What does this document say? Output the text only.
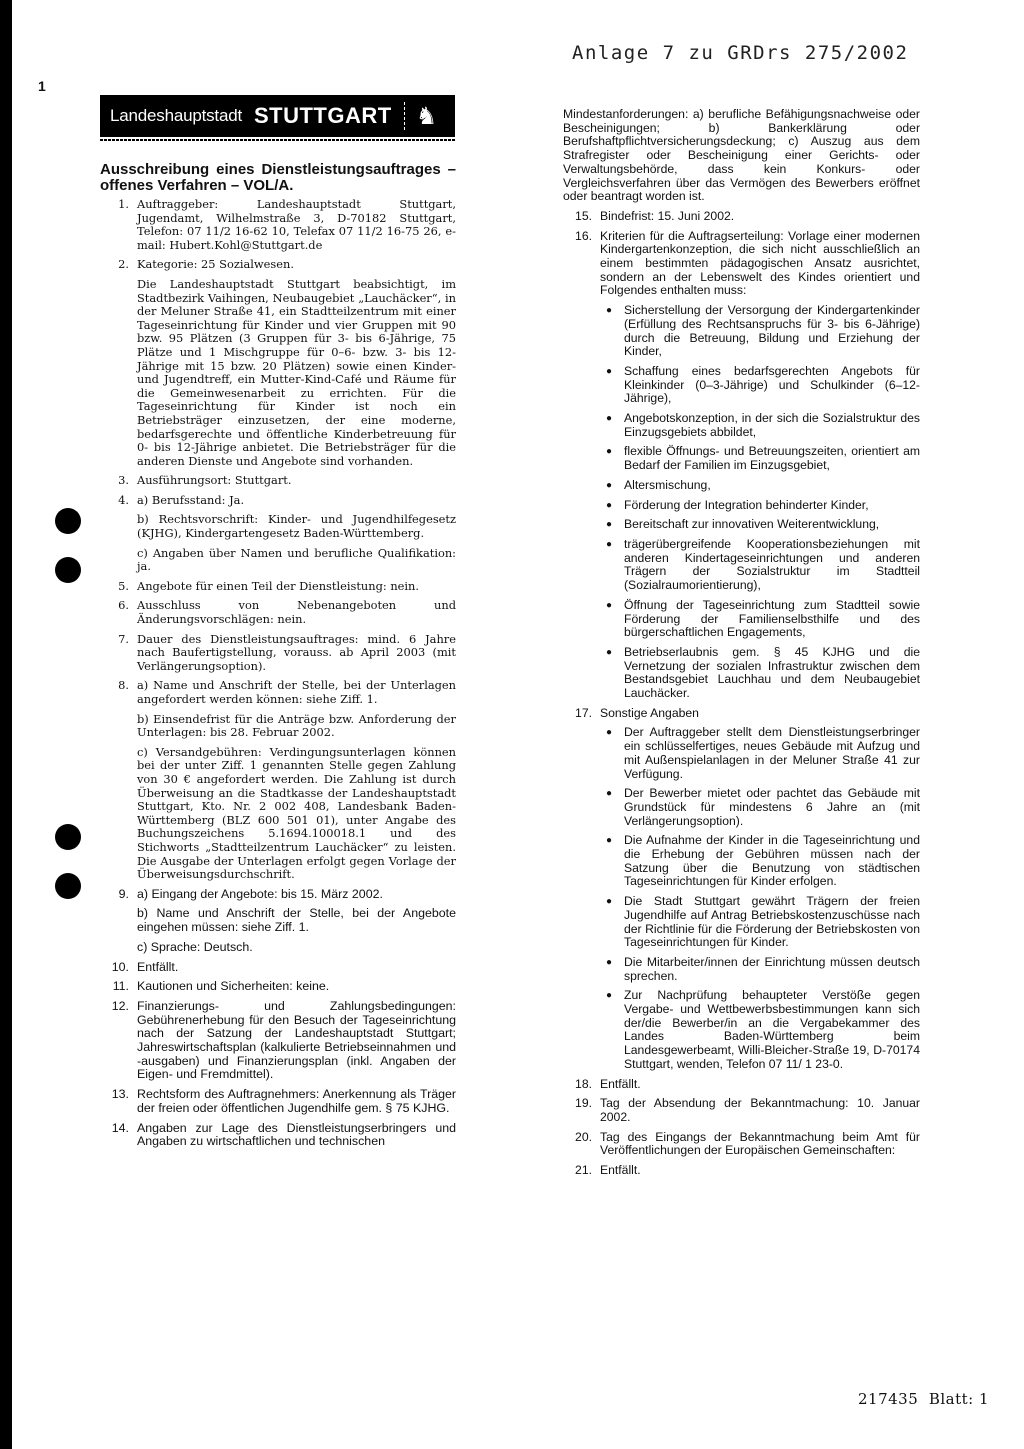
1
Anlage 7 zu GRDrs 275/2002
Landeshauptstadt STUTTGART ♞
Ausschreibung eines Dienstleistungsauftrages – offenes Verfahren – VOL/A.
1. Auftraggeber: Landeshauptstadt Stuttgart, Jugendamt, Wilhelmstraße 3, D-70182 Stuttgart, Telefon: 07 11/2 16-62 10, Telefax 07 11/2 16-75 26, e-mail: Hubert.Kohl@Stuttgart.de
2. Kategorie: 25 Sozialwesen.
Die Landeshauptstadt Stuttgart beabsichtigt, im Stadtbezirk Vaihingen, Neubaugebiet „Lauchäcker“, in der Meluner Straße 41, ein Stadtteilzentrum mit einer Tageseinrichtung für Kinder und vier Gruppen mit 90 bzw. 95 Plätzen (3 Gruppen für 3- bis 6-Jährige, 75 Plätze und 1 Mischgruppe für 0–6- bzw. 3- bis 12-Jährige mit 15 bzw. 20 Plätzen) sowie einen Kinder- und Jugendtreff, ein Mutter-Kind-Café und Räume für die Gemeinwesenarbeit zu errichten. Für die Tageseinrichtung für Kinder ist noch ein Betriebsträger einzusetzen, der eine moderne, bedarfsgerechte und öffentliche Kinderbetreuung für 0- bis 12-Jährige anbietet. Die Betriebsträger für die anderen Dienste und Angebote sind vorhanden.
3. Ausführungsort: Stuttgart.
4. a) Berufsstand: Ja.
b) Rechtsvorschrift: Kinder- und Jugendhilfegesetz (KJHG), Kindergartengesetz Baden-Württemberg.
c) Angaben über Namen und berufliche Qualifikation: ja.
5. Angebote für einen Teil der Dienstleistung: nein.
6. Ausschluss von Nebenangeboten und Änderungsvorschlägen: nein.
7. Dauer des Dienstleistungsauftrages: mind. 6 Jahre nach Baufertigstellung, vorauss. ab April 2003 (mit Verlängerungsoption).
8. a) Name und Anschrift der Stelle, bei der Unterlagen angefordert werden können: siehe Ziff. 1.
b) Einsendefrist für die Anträge bzw. Anforderung der Unterlagen: bis 28. Februar 2002.
c) Versandgebühren: Verdingungsunterlagen können bei der unter Ziff. 1 genannten Stelle gegen Zahlung von 30 € angefordert werden. Die Zahlung ist durch Überweisung an die Stadtkasse der Landeshauptstadt Stuttgart, Kto. Nr. 2 002 408, Landesbank Baden-Württemberg (BLZ 600 501 01), unter Angabe des Buchungszeichens 5.1694.100018.1 und des Stichworts „Stadtteilzentrum Lauchäcker“ zu leisten. Die Ausgabe der Unterlagen erfolgt gegen Vorlage der Überweisungsdurchschrift.
9. a) Eingang der Angebote: bis 15. März 2002.
b) Name und Anschrift der Stelle, bei der Angebote eingehen müssen: siehe Ziff. 1.
c) Sprache: Deutsch.
10. Entfällt.
11. Kautionen und Sicherheiten: keine.
12. Finanzierungs- und Zahlungsbedingungen: Gebührenerhebung für den Besuch der Tageseinrichtung nach der Satzung der Landeshauptstadt Stuttgart; Jahreswirtschaftsplan (kalkulierte Betriebseinnahmen und -ausgaben) und Finanzierungsplan (inkl. Angaben der Eigen- und Fremdmittel).
13. Rechtsform des Auftragnehmers: Anerkennung als Träger der freien oder öffentlichen Jugendhilfe gem. § 75 KJHG.
14. Angaben zur Lage des Dienstleistungserbringers und Angaben zu wirtschaftlichen und technischen

Mindestanforderungen: a) berufliche Befähigungsnachweise oder Bescheinigungen; b) Bankerklärung oder Berufshaftpflichtversicherungsdeckung; c) Auszug aus dem Strafregister oder Bescheinigung einer Gerichts- oder Verwaltungsbehörde, dass kein Konkurs- oder Vergleichsverfahren über das Vermögen des Bewerbers eröffnet oder beantragt worden ist.

15. Bindefrist: 15. Juni 2002.
16. Kriterien für die Auftragserteilung: Vorlage einer modernen Kindergartenkonzeption, die sich nicht ausschließlich an einem bestimmten pädagogischen Ansatz ausrichtet, sondern an der Lebenswelt des Kindes orientiert und Folgendes enthalten muss:
● Sicherstellung der Versorgung der Kindergartenkinder (Erfüllung des Rechtsanspruchs für 3- bis 6-Jährige) durch die Betreuung, Bildung und Erziehung der Kinder,
● Schaffung eines bedarfsgerechten Angebots für Kleinkinder (0–3-Jährige) und Schulkinder (6–12-Jährige),
● Angebotskonzeption, in der sich die Sozialstruktur des Einzugsgebiets abbildet,
● flexible Öffnungs- und Betreuungszeiten, orientiert am Bedarf der Familien im Einzugsgebiet,
● Altersmischung,
● Förderung der Integration behinderter Kinder,
● Bereitschaft zur innovativen Weiterentwicklung,
● trägerübergreifende Kooperationsbeziehungen mit anderen Kindertageseinrichtungen und anderen Trägern der Sozialstruktur im Stadtteil (Sozialraumorientierung),
● Öffnung der Tageseinrichtung zum Stadtteil sowie Förderung der Familienselbsthilfe und des bürgerschaftlichen Engagements,
● Betriebserlaubnis gem. § 45 KJHG und die Vernetzung der sozialen Infrastruktur zwischen dem Bestandsgebiet Lauchhau und dem Neubaugebiet Lauchäcker.
17. Sonstige Angaben
● Der Auftraggeber stellt dem Dienstleistungserbringer ein schlüsselfertiges, neues Gebäude mit Aufzug und mit Außenspielanlagen in der Meluner Straße 41 zur Verfügung.
● Der Bewerber mietet oder pachtet das Gebäude mit Grundstück für mindestens 6 Jahre an (mit Verlängerungsoption).
● Die Aufnahme der Kinder in die Tageseinrichtung und die Erhebung der Gebühren müssen nach der Satzung über die Benutzung von städtischen Tageseinrichtungen für Kinder erfolgen.
● Die Stadt Stuttgart gewährt Trägern der freien Jugendhilfe auf Antrag Betriebskostenzuschüsse nach der Richtlinie für die Förderung der Betriebskosten von Tageseinrichtungen für Kinder.
● Die Mitarbeiter/innen der Einrichtung müssen deutsch sprechen.
● Zur Nachprüfung behaupteter Verstöße gegen Vergabe- und Wettbewerbsbestimmungen kann sich der/die Bewerber/in an die Vergabekammer des Landes Baden-Württemberg beim Landesgewerbeamt, Willi-Bleicher-Straße 19, D-70174 Stuttgart, wenden, Telefon 07 11/ 1 23-0.
18. Entfällt.
19. Tag der Absendung der Bekanntmachung: 10. Januar 2002.
20. Tag des Eingangs der Bekanntmachung beim Amt für Veröffentlichungen der Europäischen Gemeinschaften:
21. Entfällt.
217435 Blatt: 1
